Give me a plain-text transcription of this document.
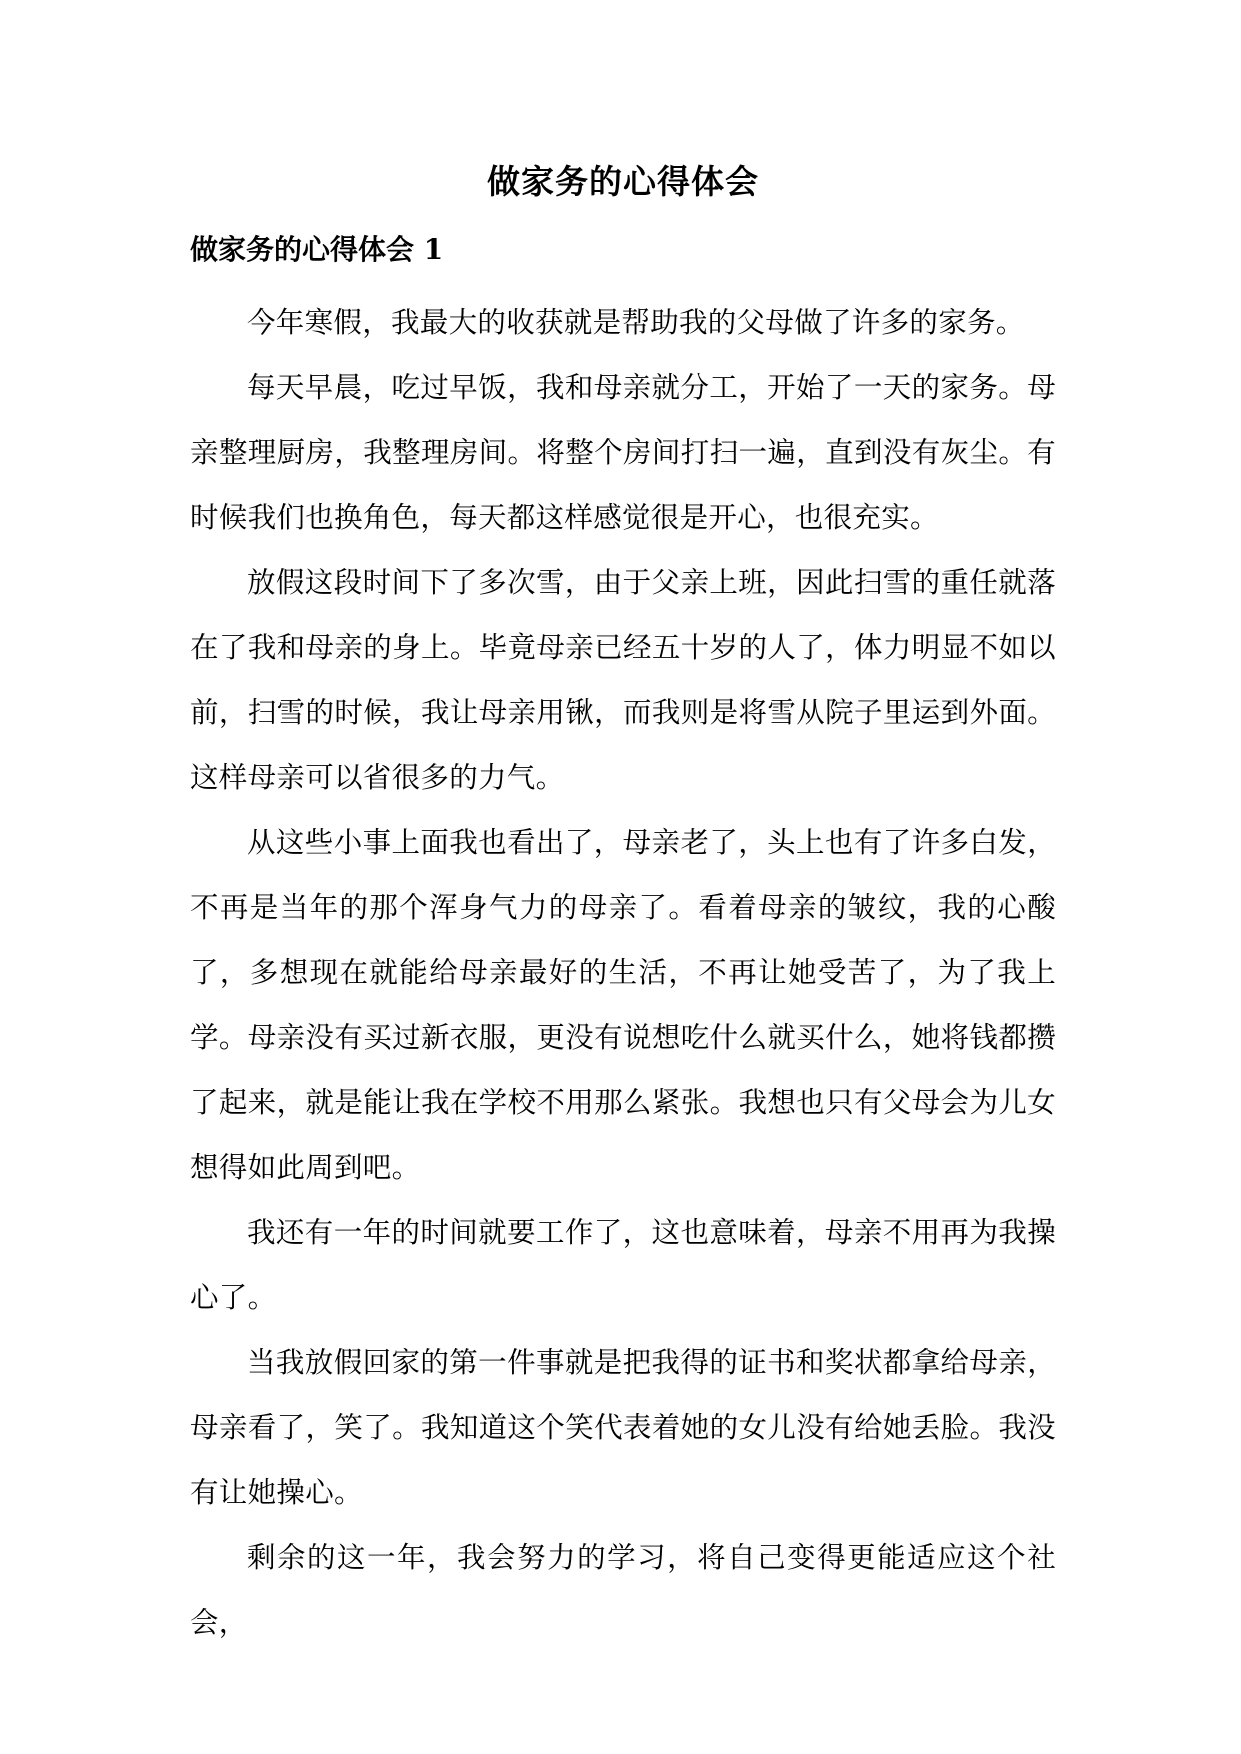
做家务的心得体会
做家务的心得体会 1

今年寒假，我最大的收获就是帮助我的父母做了许多的家务。

每天早晨，吃过早饭，我和母亲就分工，开始了一天的家务。母亲整理厨房，我整理房间。将整个房间打扫一遍，直到没有灰尘。有时候我们也换角色，每天都这样感觉很是开心，也很充实。

放假这段时间下了多次雪，由于父亲上班，因此扫雪的重任就落在了我和母亲的身上。毕竟母亲已经五十岁的人了，体力明显不如以前，扫雪的时候，我让母亲用锹，而我则是将雪从院子里运到外面。这样母亲可以省很多的力气。

从这些小事上面我也看出了，母亲老了，头上也有了许多白发，不再是当年的那个浑身气力的母亲了。看着母亲的皱纹，我的心酸了，多想现在就能给母亲最好的生活，不再让她受苦了，为了我上学。母亲没有买过新衣服，更没有说想吃什么就买什么，她将钱都攒了起来，就是能让我在学校不用那么紧张。我想也只有父母会为儿女想得如此周到吧。

我还有一年的时间就要工作了，这也意味着，母亲不用再为我操心了。

当我放假回家的第一件事就是把我得的证书和奖状都拿给母亲，母亲看了，笑了。我知道这个笑代表着她的女儿没有给她丢脸。我没有让她操心。

剩余的这一年，我会努力的学习，将自己变得更能适应这个社会，
